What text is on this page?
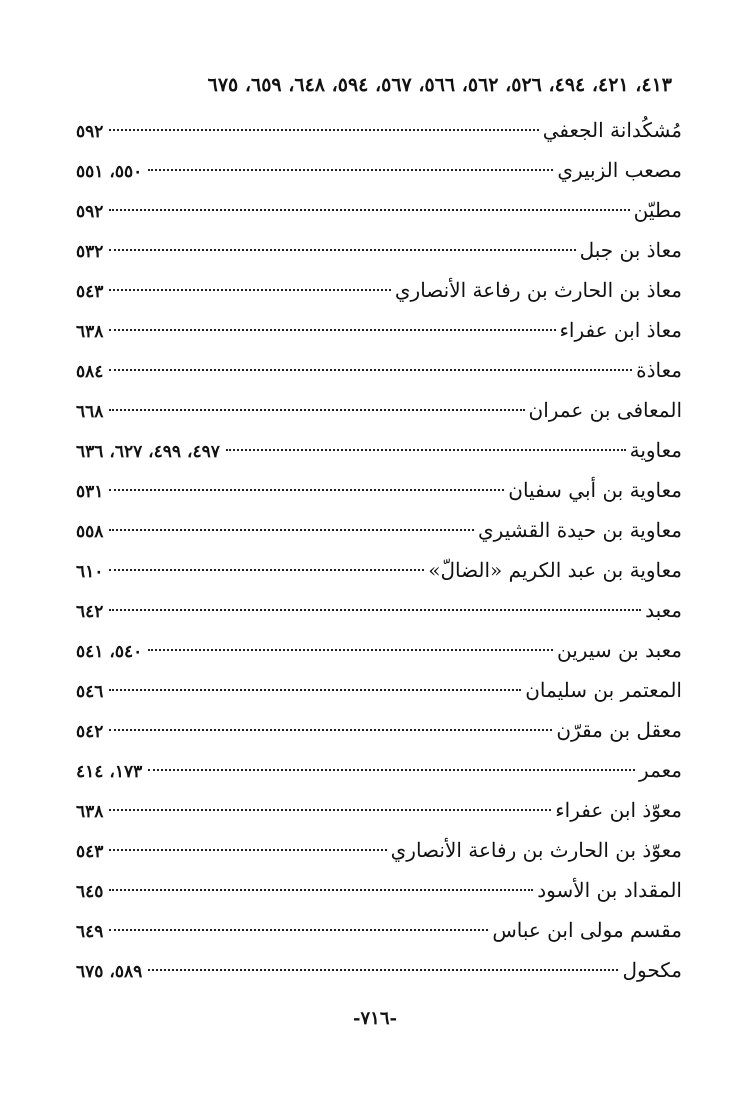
٤١٣، ٤٢١، ٤٩٤، ٥٢٦، ٥٦٢، ٥٦٦، ٥٦٧، ٥٩٤، ٦٤٨، ٦٥٩، ٦٧٥
مُشكُدانة الجعفي
٥٩٢
مصعب الزبيري
٥٥٠، ٥٥١
مطيّن
٥٩٢
معاذ بن جبل
٥٣٢
معاذ بن الحارث بن رفاعة الأنصاري
٥٤٣
معاذ ابن عفراء
٦٣٨
معاذة
٥٨٤
المعافى بن عمران
٦٦٨
معاوية
٤٩٧، ٤٩٩، ٦٢٧، ٦٣٦
معاوية بن أبي سفيان
٥٣١
معاوية بن حيدة القشيري
٥٥٨
معاوية بن عبد الكريم «الضالّ»
٦١٠
معبد
٦٤٢
معبد بن سيرين
٥٤٠، ٥٤١
المعتمر بن سليمان
٥٤٦
معقل بن مقرّن
٥٤٢
معمر
١٧٣، ٤١٤
معوّذ ابن عفراء
٦٣٨
معوّذ بن الحارث بن رفاعة الأنصاري
٥٤٣
المقداد بن الأسود
٦٤٥
مقسم مولى ابن عباس
٦٤٩
مكحول
٥٨٩، ٦٧٥
-٧١٦-
